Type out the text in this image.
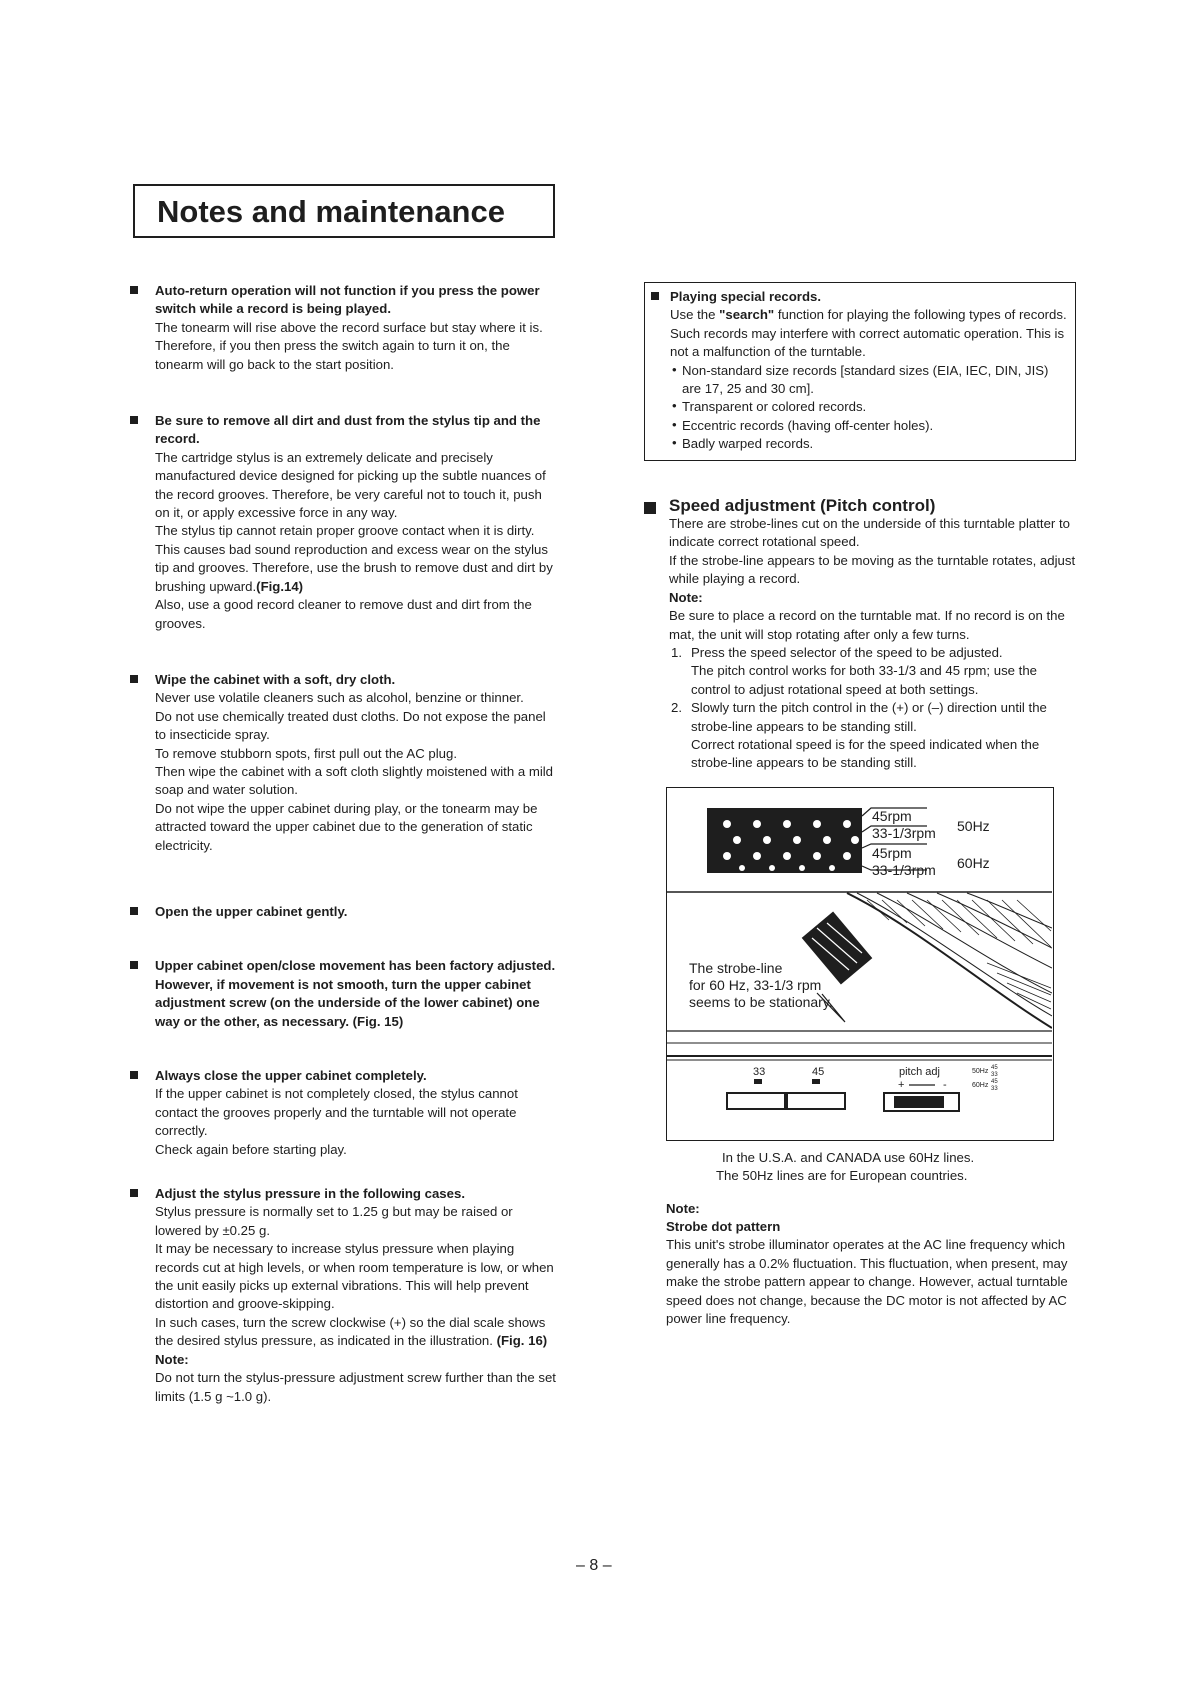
Notes and maintenance

Auto-return operation will not function if you press the power switch while a record is being played.

The tonearm will rise above the record surface but stay where it is.

Therefore, if you then press the switch again to turn it on, the tonearm will go back to the start position.

Be sure to remove all dirt and dust from the stylus tip and the record.

The cartridge stylus is an extremely delicate and precisely manufactured device designed for picking up the subtle nuances of the record grooves. Therefore, be very careful not to touch it, push on it, or apply excessive force in any way.

The stylus tip cannot retain proper groove contact when it is dirty. This causes bad sound reproduction and excess wear on the stylus tip and grooves. Therefore, use the brush to remove dust and dirt by brushing upward.(Fig.14)

Also, use a good record cleaner to remove dust and dirt from the grooves.

Wipe the cabinet with a soft, dry cloth.

Never use volatile cleaners such as alcohol, benzine or thinner.

Do not use chemically treated dust cloths. Do not expose the panel to insecticide spray.

To remove stubborn spots, first pull out the AC plug.

Then wipe the cabinet with a soft cloth slightly moistened with a mild soap and water solution.

Do not wipe the upper cabinet during play, or the tonearm may be attracted toward the upper cabinet due to the generation of static electricity.

Open the upper cabinet gently.

Upper cabinet open/close movement has been factory adjusted.

However, if movement is not smooth, turn the upper cabinet adjustment screw (on the underside of the lower cabinet) one way or the other, as necessary. (Fig. 15)

Always close the upper cabinet completely.

If the upper cabinet is not completely closed, the stylus cannot contact the grooves properly and the turntable will not operate correctly.

Check again before starting play.

Adjust the stylus pressure in the following cases.

Stylus pressure is normally set to 1.25 g but may be raised or lowered by ±0.25 g.

It may be necessary to increase stylus pressure when playing records cut at high levels, or when room temperature is low, or when the unit easily picks up external vibrations. This will help prevent distortion and groove-skipping.

In such cases, turn the screw clockwise (+) so the dial scale shows the desired stylus pressure, as indicated in the illustration. (Fig. 16)

Note:

Do not turn the stylus-pressure adjustment screw further than the set limits (1.5 g ~1.0 g).

Playing special records.

Use the "search" function for playing the following types of records. Such records may interfere with correct automatic operation. This is not a malfunction of the turntable.

• Non-standard size records [standard sizes (EIA, IEC, DIN, JIS) are 17, 25 and 30 cm].
• Transparent or colored records.
• Eccentric records (having off-center holes).
• Badly warped records.
Speed adjustment (Pitch control)

There are strobe-lines cut on the underside of this turntable platter to indicate correct rotational speed.

If the strobe-line appears to be moving as the turntable rotates, adjust while playing a record.

Note:

Be sure to place a record on the turntable mat. If no record is on the mat, the unit will stop rotating after only a few turns.

1. Press the speed selector of the speed to be adjusted.

The pitch control works for both 33-1/3 and 45 rpm; use the control to adjust rotational speed at both settings.

2. Slowly turn the pitch control in the (+) or (–) direction until the strobe-line appears to be standing still.

Correct rotational speed is for the speed indicated when the strobe-line appears to be standing still.

45rpm
33-1/3rpm
45rpm
33-1/3rpm
50Hz
60Hz
The strobe-line
for 60 Hz, 33-1/3 rpm
seems to be stationary.
33	45	pitch adj
+	-
50Hz
60Hz
45
33
45
33

In the U.S.A. and CANADA use 60Hz lines.

The 50Hz lines are for European countries.

Note:

Strobe dot pattern

This unit's strobe illuminator operates at the AC line frequency which generally has a 0.2% fluctuation. This fluctuation, when present, may make the strobe pattern appear to change. However, actual turntable speed does not change, because the DC motor is not affected by AC power line frequency.

– 8 –
